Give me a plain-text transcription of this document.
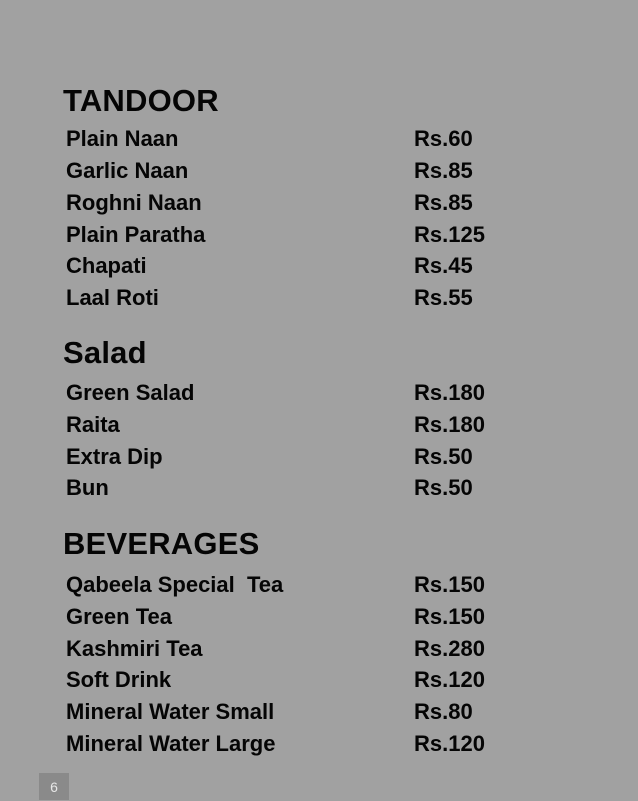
TANDOOR
Plain Naan	Rs.60
Garlic Naan	Rs.85
Roghni Naan	Rs.85
Plain Paratha	Rs.125
Chapati	Rs.45
Laal Roti	Rs.55
Salad
Green Salad	Rs.180
Raita	Rs.180
Extra Dip	Rs.50
Bun	Rs.50
BEVERAGES
Qabeela Special  Tea	Rs.150
Green Tea	Rs.150
Kashmiri Tea	Rs.280
Soft Drink	Rs.120
Mineral Water Small	Rs.80
Mineral Water Large	Rs.120
6
